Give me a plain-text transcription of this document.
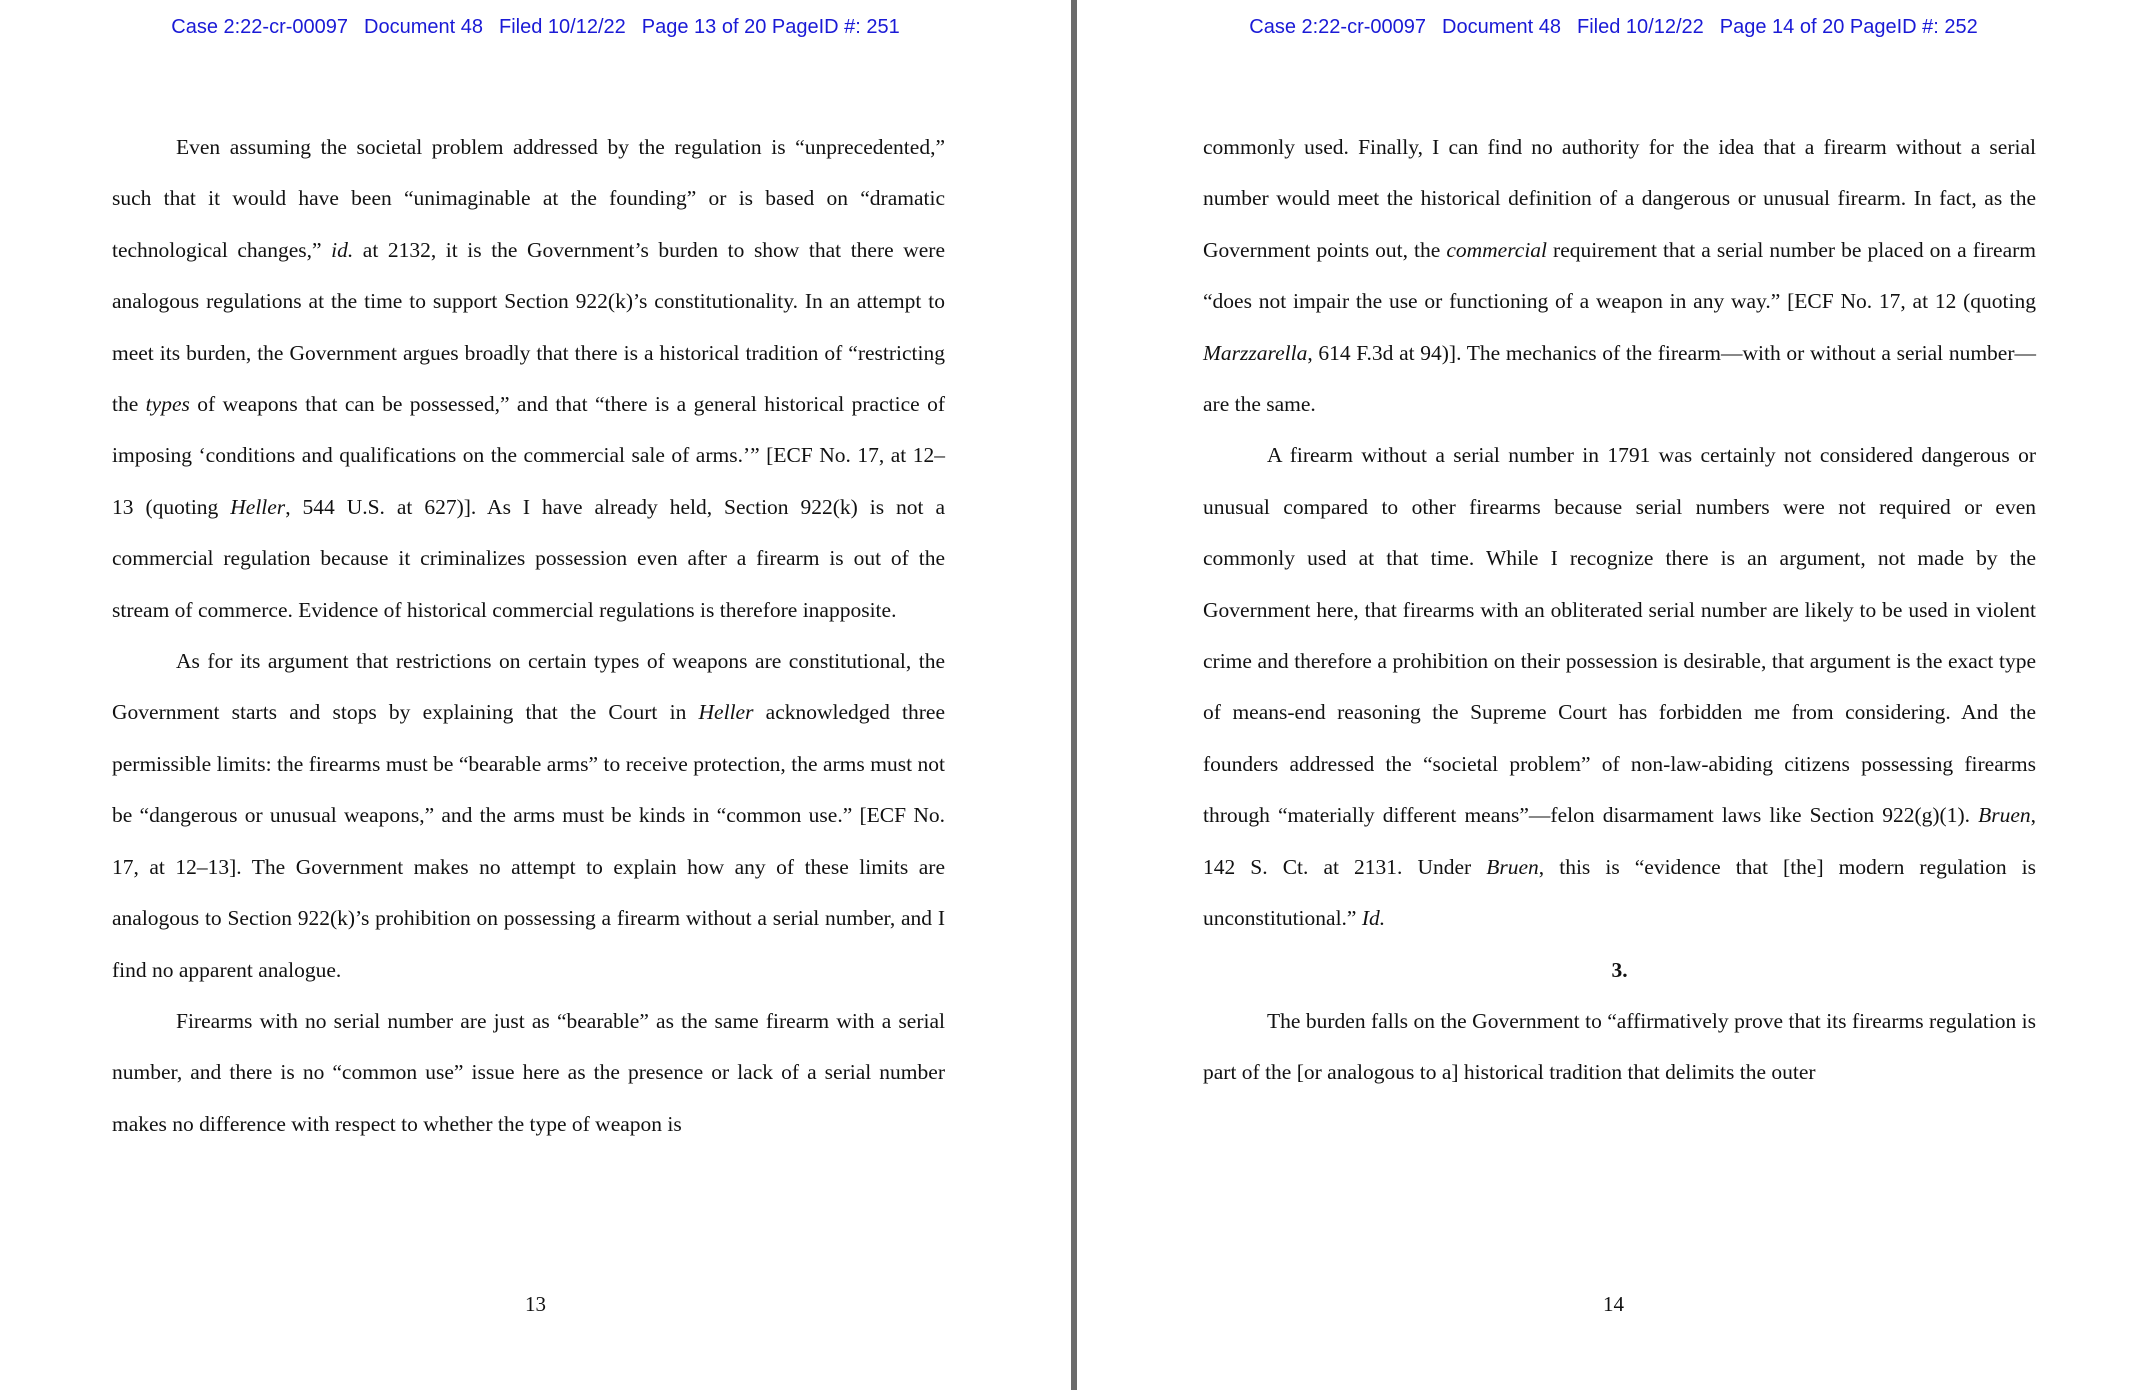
Case 2:22-cr-00097 Document 48 Filed 10/12/22 Page 13 of 20 PageID #: 251

Even assuming the societal problem addressed by the regulation is “unprecedented,” such that it would have been “unimaginable at the founding” or is based on “dramatic technological changes,” id. at 2132, it is the Government’s burden to show that there were analogous regulations at the time to support Section 922(k)’s constitutionality. In an attempt to meet its burden, the Government argues broadly that there is a historical tradition of “restricting the types of weapons that can be possessed,” and that “there is a general historical practice of imposing ‘conditions and qualifications on the commercial sale of arms.’” [ECF No. 17, at 12–13 (quoting Heller, 544 U.S. at 627)]. As I have already held, Section 922(k) is not a commercial regulation because it criminalizes possession even after a firearm is out of the stream of commerce. Evidence of historical commercial regulations is therefore inapposite.

As for its argument that restrictions on certain types of weapons are constitutional, the Government starts and stops by explaining that the Court in Heller acknowledged three permissible limits: the firearms must be “bearable arms” to receive protection, the arms must not be “dangerous or unusual weapons,” and the arms must be kinds in “common use.” [ECF No. 17, at 12–13]. The Government makes no attempt to explain how any of these limits are analogous to Section 922(k)’s prohibition on possessing a firearm without a serial number, and I find no apparent analogue.

Firearms with no serial number are just as “bearable” as the same firearm with a serial number, and there is no “common use” issue here as the presence or lack of a serial number makes no difference with respect to whether the type of weapon is

13
Case 2:22-cr-00097 Document 48 Filed 10/12/22 Page 14 of 20 PageID #: 252

commonly used. Finally, I can find no authority for the idea that a firearm without a serial number would meet the historical definition of a dangerous or unusual firearm. In fact, as the Government points out, the commercial requirement that a serial number be placed on a firearm “does not impair the use or functioning of a weapon in any way.” [ECF No. 17, at 12 (quoting Marzzarella, 614 F.3d at 94)]. The mechanics of the firearm—with or without a serial number—are the same.

A firearm without a serial number in 1791 was certainly not considered dangerous or unusual compared to other firearms because serial numbers were not required or even commonly used at that time. While I recognize there is an argument, not made by the Government here, that firearms with an obliterated serial number are likely to be used in violent crime and therefore a prohibition on their possession is desirable, that argument is the exact type of means-end reasoning the Supreme Court has forbidden me from considering. And the founders addressed the “societal problem” of non-law-abiding citizens possessing firearms through “materially different means”—felon disarmament laws like Section 922(g)(1). Bruen, 142 S. Ct. at 2131. Under Bruen, this is “evidence that [the] modern regulation is unconstitutional.” Id.

3.

The burden falls on the Government to “affirmatively prove that its firearms regulation is part of the [or analogous to a] historical tradition that delimits the outer

14
